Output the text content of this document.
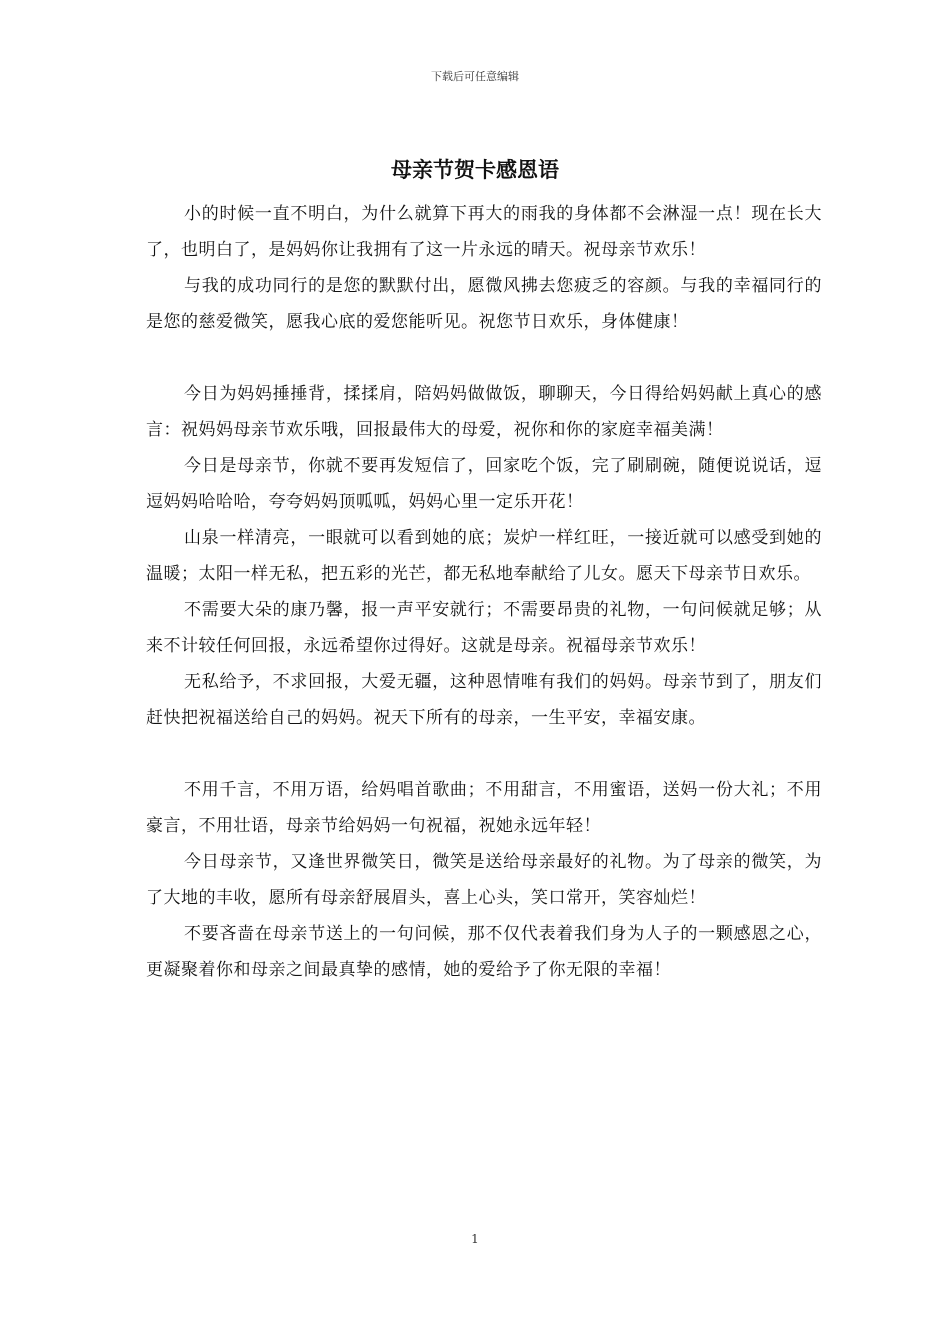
下载后可任意编辑
母亲节贺卡感恩语

小的时候一直不明白，为什么就算下再大的雨我的身体都不会淋湿一点！现在长大了，也明白了，是妈妈你让我拥有了这一片永远的晴天。祝母亲节欢乐！

与我的成功同行的是您的默默付出，愿微风拂去您疲乏的容颜。与我的幸福同行的是您的慈爱微笑，愿我心底的爱您能听见。祝您节日欢乐，身体健康！

今日为妈妈捶捶背，揉揉肩，陪妈妈做做饭，聊聊天，今日得给妈妈献上真心的感言：祝妈妈母亲节欢乐哦，回报最伟大的母爱，祝你和你的家庭幸福美满！

今日是母亲节，你就不要再发短信了，回家吃个饭，完了刷刷碗，随便说说话，逗逗妈妈哈哈哈，夸夸妈妈顶呱呱，妈妈心里一定乐开花！

山泉一样清亮，一眼就可以看到她的底；炭炉一样红旺，一接近就可以感受到她的温暖；太阳一样无私，把五彩的光芒，都无私地奉献给了儿女。愿天下母亲节日欢乐。

不需要大朵的康乃馨，报一声平安就行；不需要昂贵的礼物，一句问候就足够；从来不计较任何回报，永远希望你过得好。这就是母亲。祝福母亲节欢乐！

无私给予，不求回报，大爱无疆，这种恩情唯有我们的妈妈。母亲节到了，朋友们赶快把祝福送给自己的妈妈。祝天下所有的母亲，一生平安，幸福安康。

不用千言，不用万语，给妈唱首歌曲；不用甜言，不用蜜语，送妈一份大礼；不用豪言，不用壮语，母亲节给妈妈一句祝福，祝她永远年轻！

今日母亲节，又逢世界微笑日，微笑是送给母亲最好的礼物。为了母亲的微笑，为了大地的丰收，愿所有母亲舒展眉头，喜上心头，笑口常开，笑容灿烂！

不要吝啬在母亲节送上的一句问候，那不仅代表着我们身为人子的一颗感恩之心，更凝聚着你和母亲之间最真挚的感情，她的爱给予了你无限的幸福！

1
